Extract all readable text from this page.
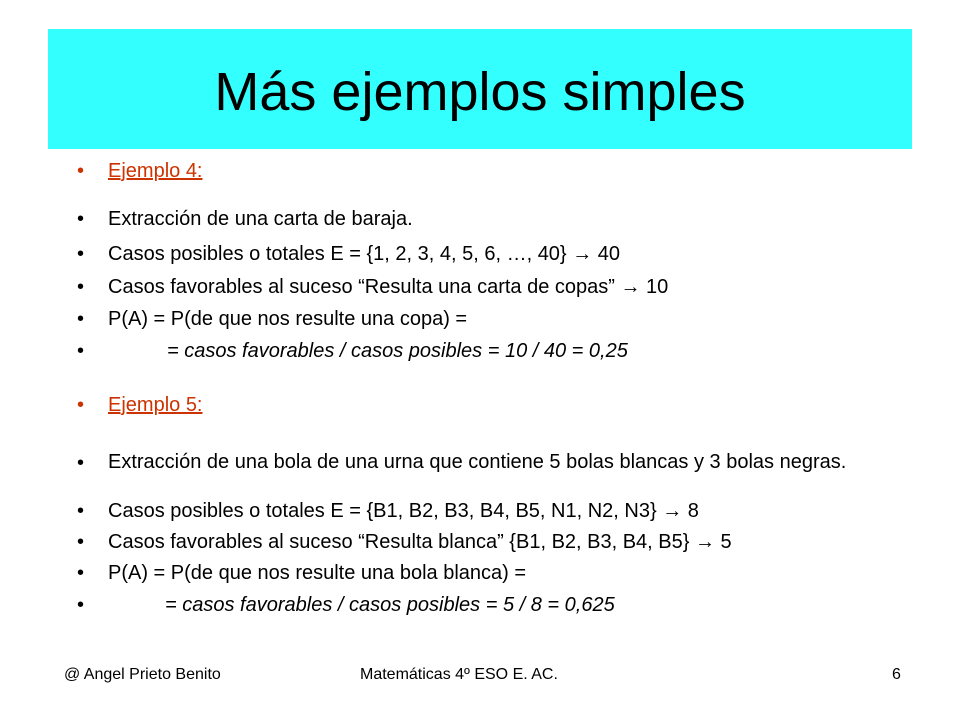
Más ejemplos simples
•	Ejemplo 4:
•	Extracción de una carta de baraja.
•	Casos posibles o totales E = {1, 2, 3, 4, 5, 6, …, 40} → 40
•	Casos favorables al suceso “Resulta una carta de copas” → 10
•	P(A) = P(de que nos resulte una copa) =
•	= casos favorables / casos posibles = 10 / 40 = 0,25
•	Ejemplo 5:
•	Extracción de una bola de una urna que contiene 5 bolas blancas y 3 bolas negras.
•	Casos posibles o totales E = {B1, B2, B3, B4, B5, N1, N2, N3} → 8
•	Casos favorables al suceso “Resulta blanca” {B1, B2, B3, B4, B5} → 5
•	P(A) = P(de que nos resulte una bola blanca) =
•	= casos favorables / casos posibles = 5 / 8 = 0,625
@ Angel Prieto Benito	Matemáticas 4º ESO E. AC.	6
